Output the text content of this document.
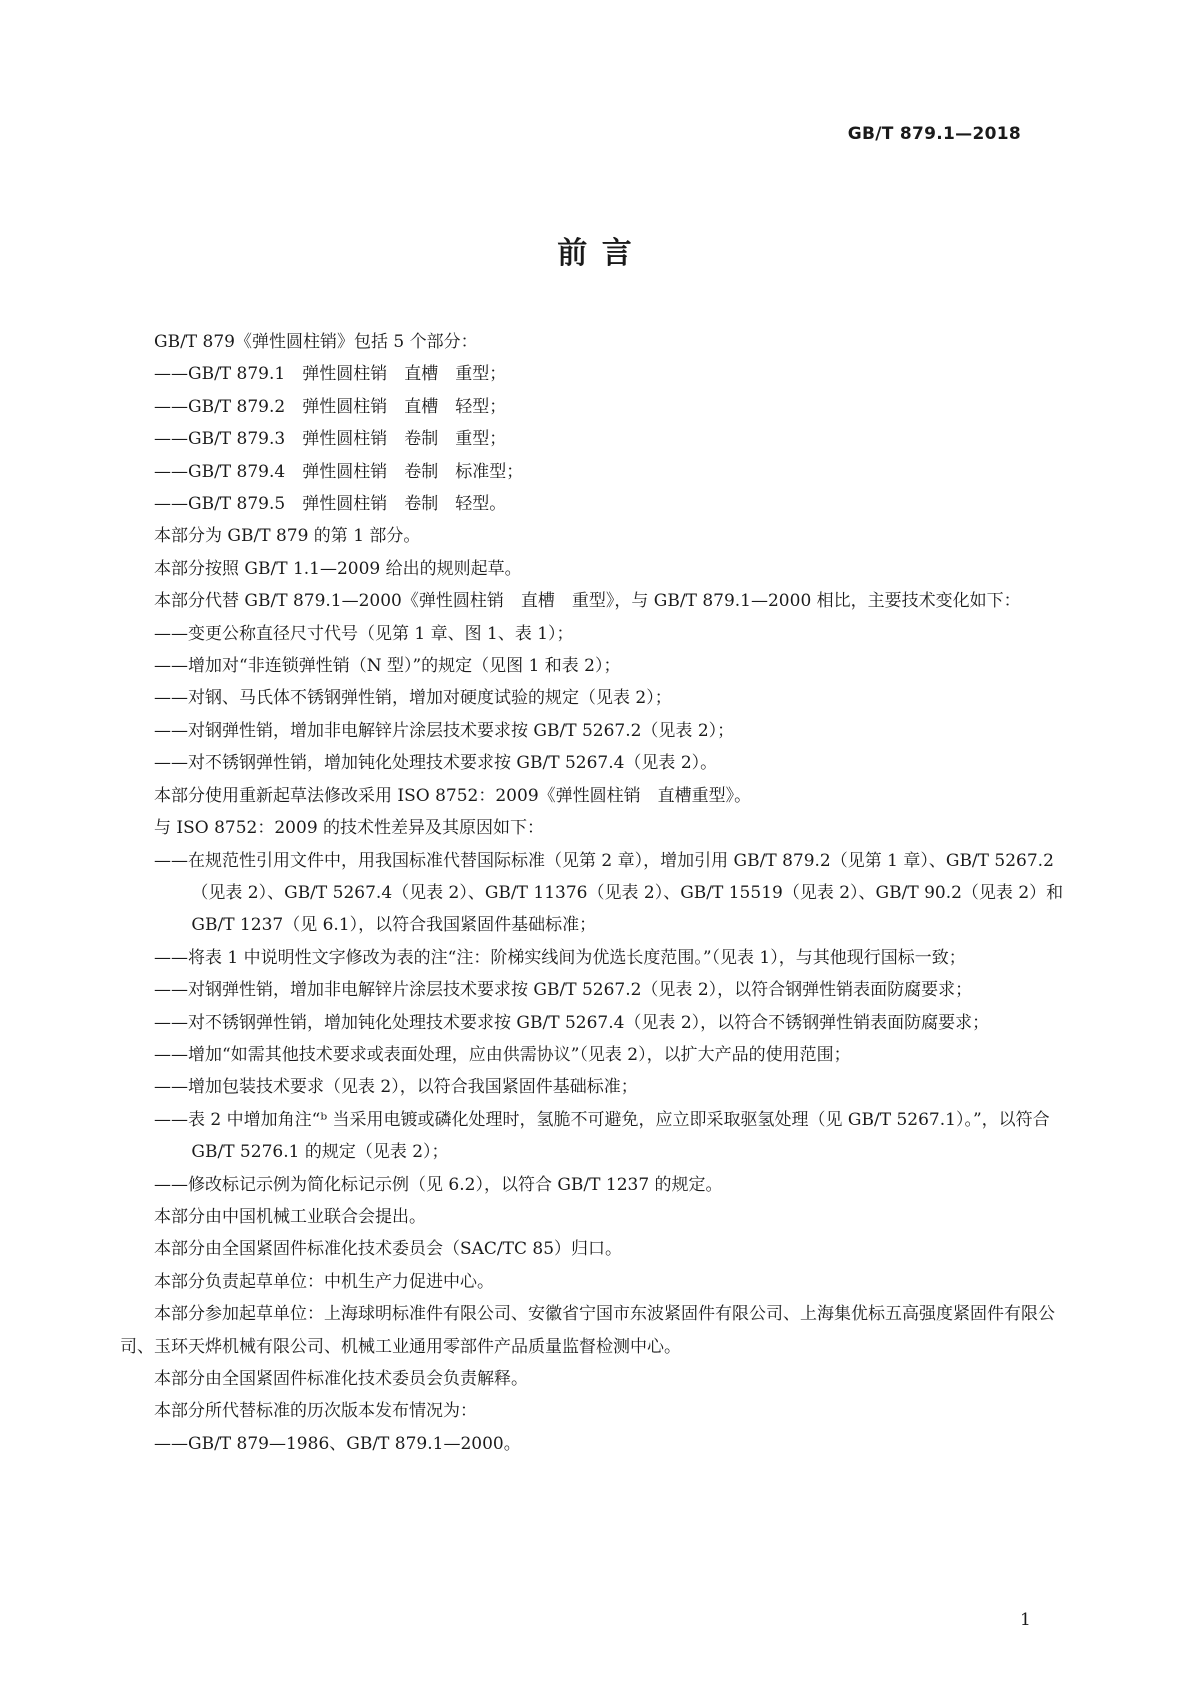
GB/T 879.1—2018
前 言

GB/T 879《弹性圆柱销》包括 5 个部分：

——GB/T 879.1　弹性圆柱销　直槽　重型；

——GB/T 879.2　弹性圆柱销　直槽　轻型；

——GB/T 879.3　弹性圆柱销　卷制　重型；

——GB/T 879.4　弹性圆柱销　卷制　标准型；

——GB/T 879.5　弹性圆柱销　卷制　轻型。

本部分为 GB/T 879 的第 1 部分。

本部分按照 GB/T 1.1—2009 给出的规则起草。

本部分代替 GB/T 879.1—2000《弹性圆柱销　直槽　重型》，与 GB/T 879.1—2000 相比，主要技术变化如下：

——变更公称直径尺寸代号（见第 1 章、图 1、表 1）；

——增加对“非连锁弹性销（N 型）”的规定（见图 1 和表 2）；

——对钢、马氏体不锈钢弹性销，增加对硬度试验的规定（见表 2）；

——对钢弹性销，增加非电解锌片涂层技术要求按 GB/T 5267.2（见表 2）；

——对不锈钢弹性销，增加钝化处理技术要求按 GB/T 5267.4（见表 2）。

本部分使用重新起草法修改采用 ISO 8752：2009《弹性圆柱销　直槽重型》。

与 ISO 8752：2009 的技术性差异及其原因如下：

——在规范性引用文件中，用我国标准代替国际标准（见第 2 章），增加引用 GB/T 879.2（见第 1 章）、GB/T 5267.2（见表 2）、GB/T 5267.4（见表 2）、GB/T 11376（见表 2）、GB/T 15519（见表 2）、GB/T 90.2（见表 2）和 GB/T 1237（见 6.1），以符合我国紧固件基础标准；

——将表 1 中说明性文字修改为表的注“注：阶梯实线间为优选长度范围。”（见表 1），与其他现行国标一致；

——对钢弹性销，增加非电解锌片涂层技术要求按 GB/T 5267.2（见表 2），以符合钢弹性销表面防腐要求；

——对不锈钢弹性销，增加钝化处理技术要求按 GB/T 5267.4（见表 2），以符合不锈钢弹性销表面防腐要求；

——增加“如需其他技术要求或表面处理，应由供需协议”（见表 2），以扩大产品的使用范围；

——增加包装技术要求（见表 2），以符合我国紧固件基础标准；

——表 2 中增加角注“ᵇ 当采用电镀或磷化处理时，氢脆不可避免，应立即采取驱氢处理（见 GB/T 5267.1）。”，以符合 GB/T 5276.1 的规定（见表 2）；

——修改标记示例为简化标记示例（见 6.2），以符合 GB/T 1237 的规定。

本部分由中国机械工业联合会提出。

本部分由全国紧固件标准化技术委员会（SAC/TC 85）归口。

本部分负责起草单位：中机生产力促进中心。

本部分参加起草单位：上海球明标准件有限公司、安徽省宁国市东波紧固件有限公司、上海集优标五高强度紧固件有限公司、玉环天烨机械有限公司、机械工业通用零部件产品质量监督检测中心。

本部分由全国紧固件标准化技术委员会负责解释。

本部分所代替标准的历次版本发布情况为：

——GB/T 879—1986、GB/T 879.1—2000。

1
